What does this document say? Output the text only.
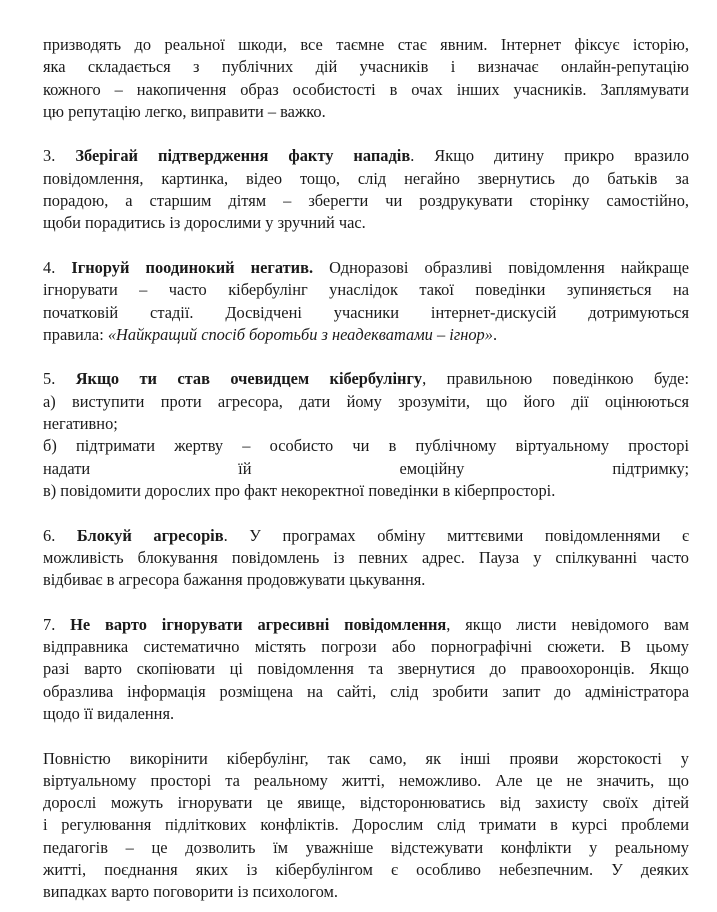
призводять до реальної шкоди, все таємне стає явним. Інтернет фіксує історію,
яка складається з публічних дій учасників і визначає онлайн-репутацію
кожного – накопичення образ особистості в очах інших учасників. Заплямувати
цю репутацію легко, виправити – важко.

3. Зберігай підтвердження факту нападів. Якщо дитину прикро вразило
повідомлення, картинка, відео тощо, слід негайно звернутись до батьків за
порадою, а старшим дітям – зберегти чи роздрукувати сторінку самостійно,
щоби порадитись із дорослими у зручний час.

4. Ігноруй поодинокий негатив. Одноразові образливі повідомлення найкраще
ігнорувати – часто кібербулінг унаслідок такої поведінки зупиняється на
початковій стадії. Досвідчені учасники інтернет-дискусій дотримуються
правила: «Найкращий спосіб боротьби з неадекватами – ігнор».

5. Якщо ти став очевидцем кібербулінгу, правильною поведінкою буде:
а) виступити проти агресора, дати йому зрозуміти, що його дії оцінюються
негативно;
б) підтримати жертву – особисто чи в публічному віртуальному просторі
надати їй емоційну підтримку;
в) повідомити дорослих про факт некоректної поведінки в кіберпросторі.

6. Блокуй агресорів. У програмах обміну миттєвими повідомленнями є
можливість блокування повідомлень із певних адрес. Пауза у спілкуванні часто
відбиває в агресора бажання продовжувати цькування.

7. Не варто ігнорувати агресивні повідомлення, якщо листи невідомого вам
відправника систематично містять погрози або порнографічні сюжети. В цьому
разі варто скопіювати ці повідомлення та звернутися до правоохоронців. Якщо
образлива інформація розміщена на сайті, слід зробити запит до адміністратора
щодо її видалення.

Повністю викорінити кібербулінг, так само, як інші прояви жорстокості у
віртуальному просторі та реальному житті, неможливо. Але це не значить, що
дорослі можуть ігнорувати це явище, відсторонюватись від захисту своїх дітей
і регулювання підліткових конфліктів. Дорослим слід тримати в курсі проблеми
педагогів – це дозволить їм уважніше відстежувати конфлікти у реальному
житті, поєднання яких із кібербулінгом є особливо небезпечним. У деяких
випадках варто поговорити із психологом.
